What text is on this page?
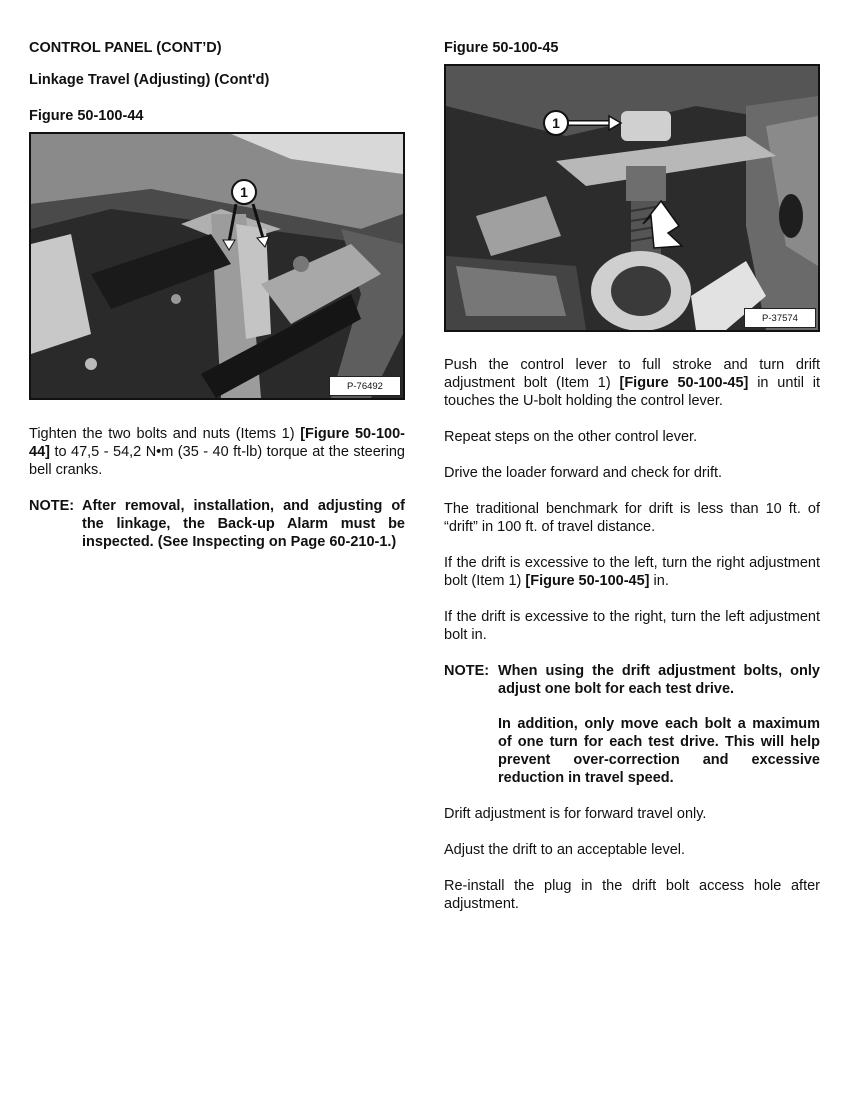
CONTROL PANEL (CONT’D)
Linkage Travel (Adjusting) (Cont'd)
Figure 50-100-44
1
P-76492

Tighten the two bolts and nuts (Items 1) [Figure 50-100-44] to 47,5 - 54,2 N•m (35 - 40 ft-lb) torque at the steering bell cranks.

NOTE: After removal, installation, and adjusting of the linkage, the Back-up Alarm must be inspected. (See Inspecting on Page 60-210-1.)

Figure 50-100-45
1
P-37574

Push the control lever to full stroke and turn drift adjustment bolt (Item 1) [Figure 50-100-45] in until it touches the U-bolt holding the control lever.

Repeat steps on the other control lever.

Drive the loader forward and check for drift.

The traditional benchmark for drift is less than 10 ft. of “drift” in 100 ft. of travel distance.

If the drift is excessive to the left, turn the right adjustment bolt (Item 1) [Figure 50-100-45] in.

If the drift is excessive to the right, turn the left adjustment bolt in.

NOTE: When using the drift adjustment bolts, only adjust one bolt for each test drive.

In addition, only move each bolt a maximum of one turn for each test drive. This will help prevent over-correction and excessive reduction in travel speed.

Drift adjustment is for forward travel only.

Adjust the drift to an acceptable level.

Re-install the plug in the drift bolt access hole after adjustment.
